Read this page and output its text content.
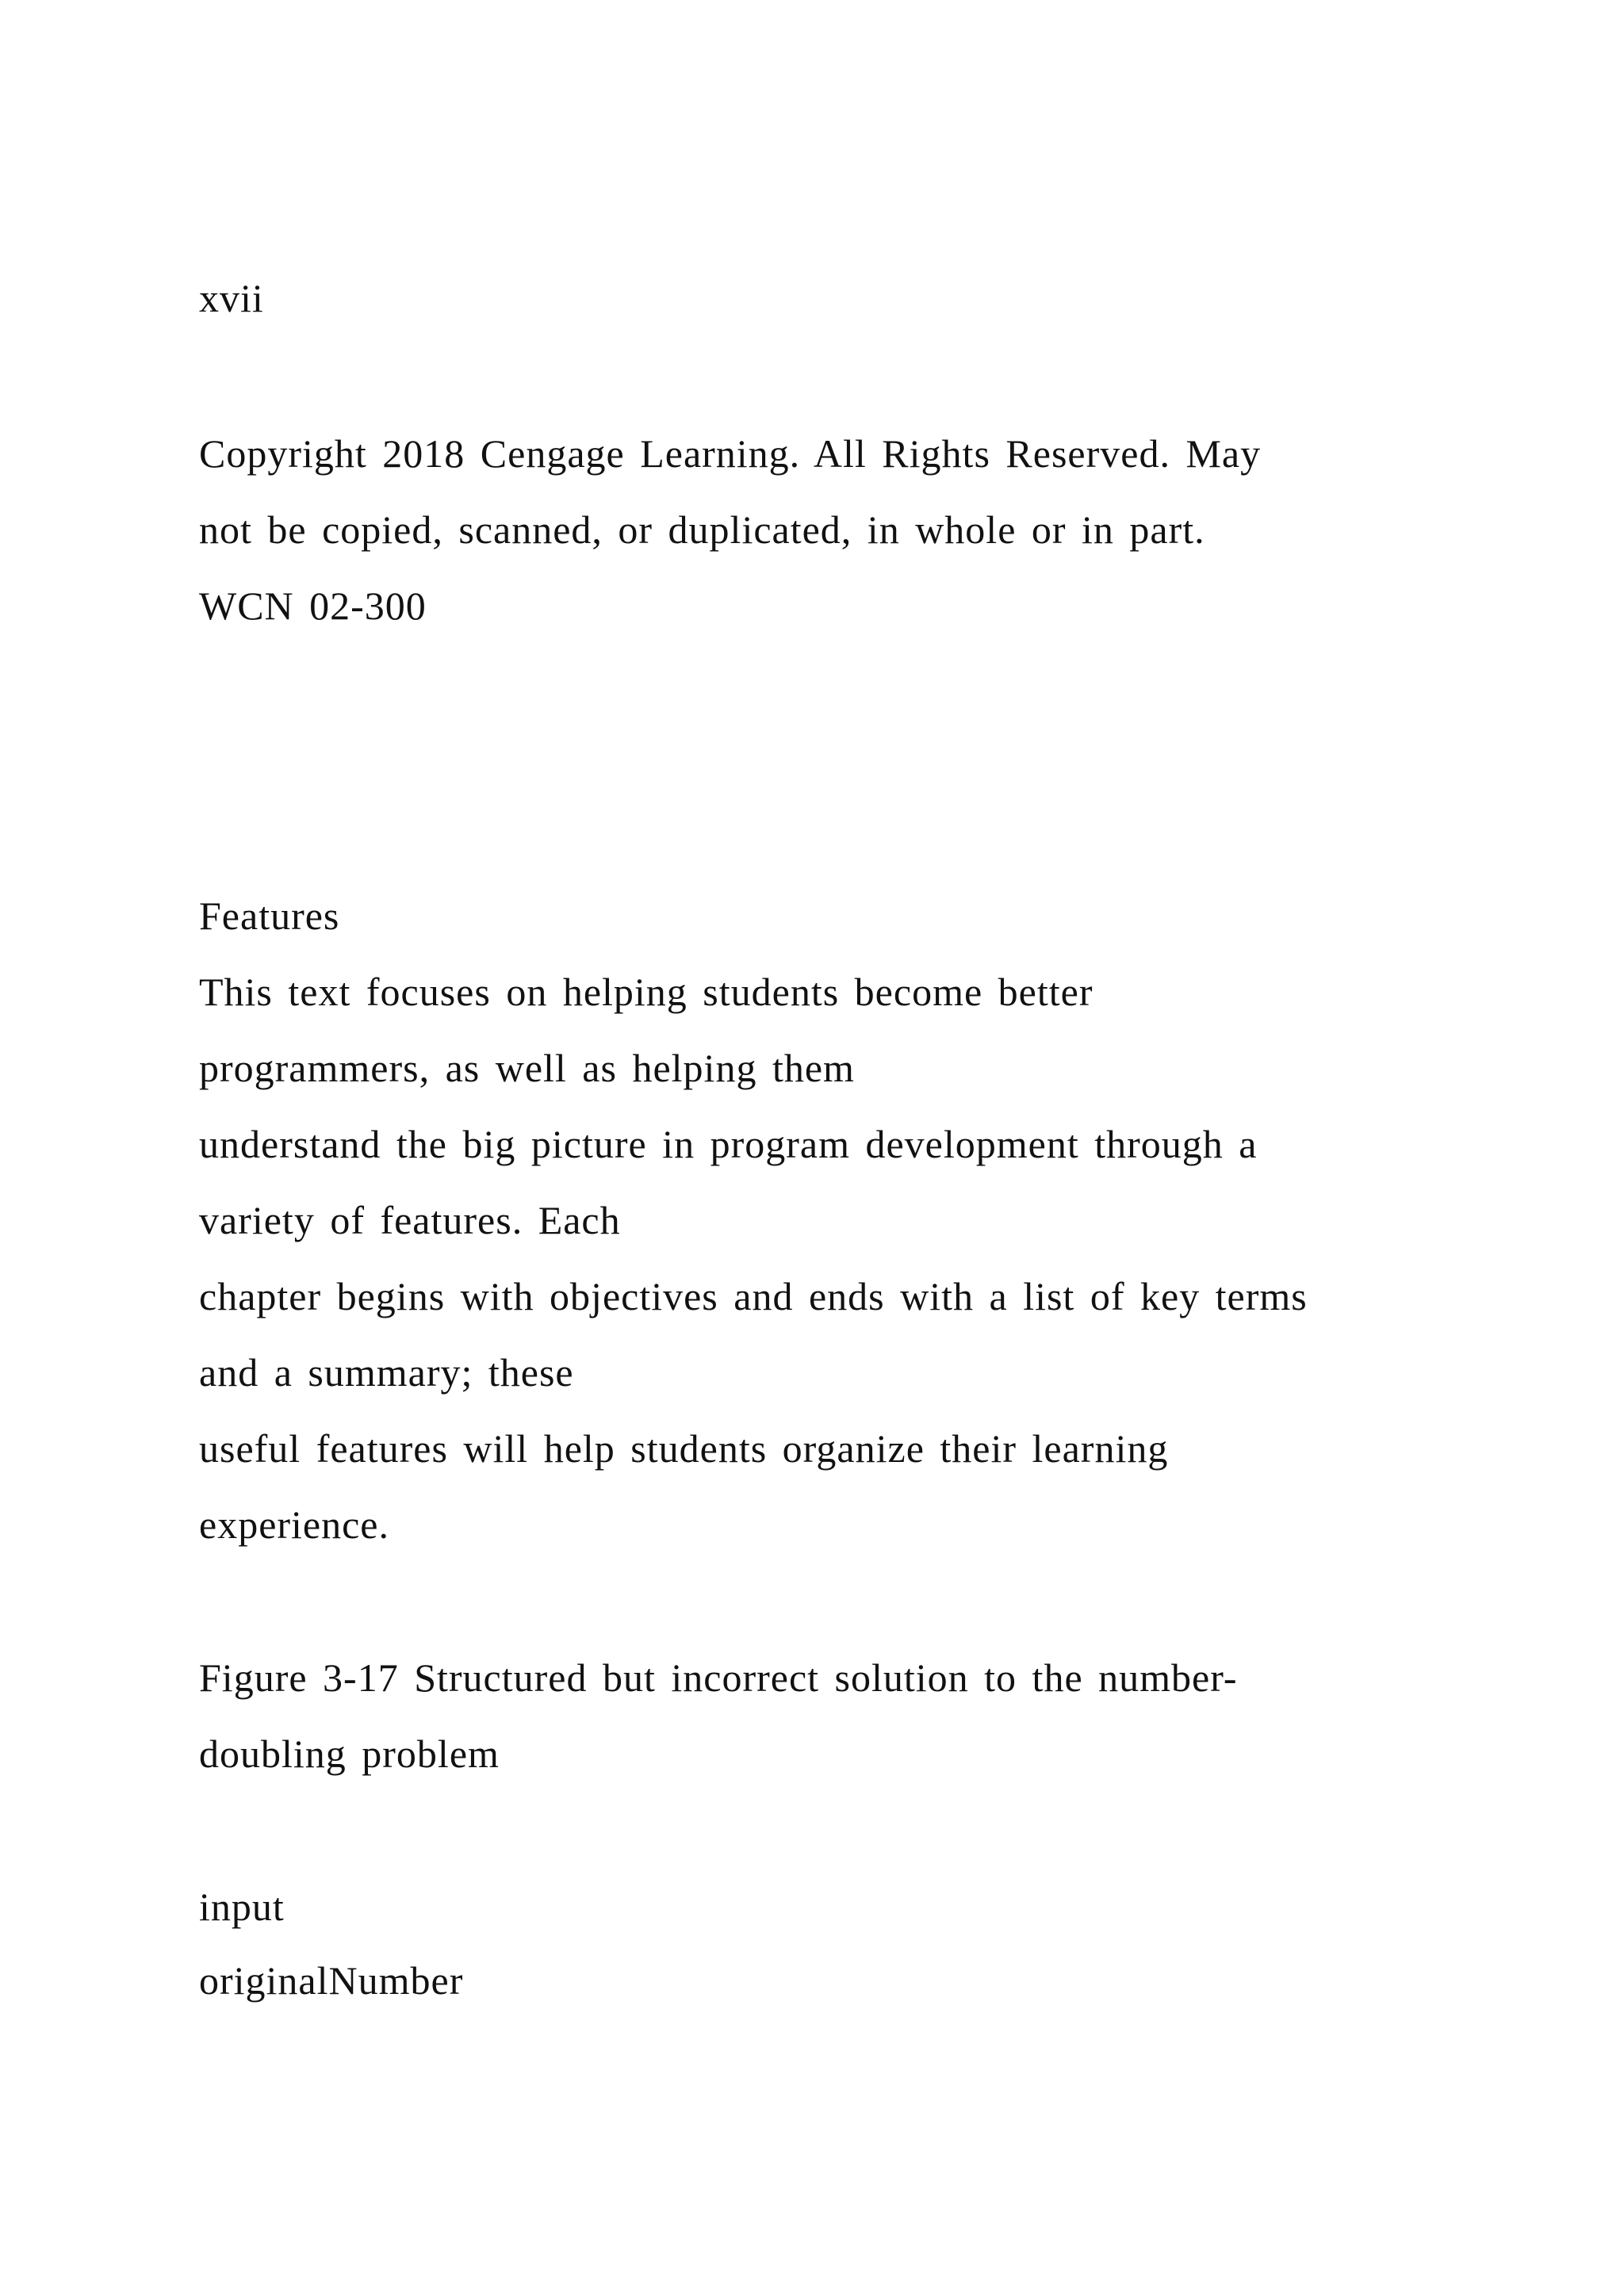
xvii
Copyright 2018 Cengage Learning. All Rights Reserved. May
not be copied, scanned, or duplicated, in whole or in part.
WCN 02-300
Features
This text focuses on helping students become better
programmers, as well as helping them
understand the big picture in program development through a
variety of features. Each
chapter begins with objectives and ends with a list of key terms
and a summary; these
useful features will help students organize their learning
experience.
Figure 3-17 Structured but incorrect solution to the number-
doubling problem
input
originalNumber
